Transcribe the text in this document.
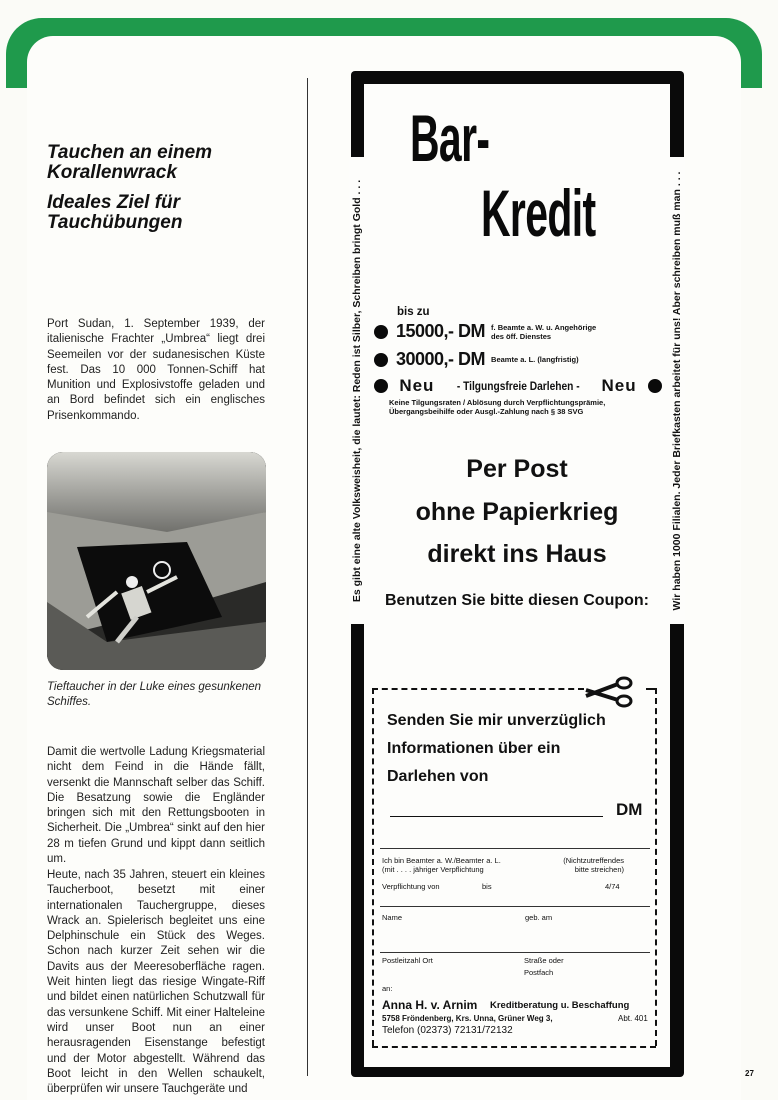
Tauchen an einem Korallenwrack
Ideales Ziel für Tauchübungen

Port Sudan, 1. September 1939, der italienische Frachter „Umbrea“ liegt drei Seemeilen vor der sudanesischen Küste fest. Das 10 000 Tonnen-Schiff hat Munition und Explosivstoffe geladen und an Bord befindet sich ein englisches Prisenkommando.

Tieftaucher in der Luke eines gesunkenen Schiffes.

Damit die wertvolle Ladung Kriegsmaterial nicht dem Feind in die Hände fällt, versenkt die Mannschaft selber das Schiff. Die Besatzung sowie die Engländer bringen sich mit den Rettungsbooten in Sicherheit. Die „Umbrea“ sinkt auf den hier 28 m tiefen Grund und kippt dann seitlich um.

Heute, nach 35 Jahren, steuert ein kleines Taucherboot, besetzt mit einer internationalen Tauchergruppe, dieses Wrack an. Spielerisch begleitet uns eine Delphinschule ein Stück des Weges. Schon nach kurzer Zeit sehen wir die Davits aus der Meeresoberfläche ragen. Weit hinten liegt das riesige Wingate-Riff und bildet einen natürlichen Schutzwall für das versunkene Schiff. Mit einer Halteleine wird unser Boot nun an einer herausragenden Eisenstange befestigt und der Motor abgestellt. Während das Boot leicht in den Wellen schaukelt, überprüfen wir unsere Tauchgeräte und

Es gibt eine alte Volksweisheit, die lautet: Reden ist Silber, Schreiben bringt Gold . . .	Wir haben 1000 Filialen. Jeder Briefkasten arbeitet für uns! Aber schreiben muß man . . .
Bar-
Kredit
bis zu
15000,- DM f. Beamte a. W. u. Angehörige
des öff. Dienstes
30000,- DM Beamte a. L. (langfristig)
Neu - Tilgungsfreie Darlehen - Neu
Keine Tilgungsraten / Ablösung durch Verpflichtungsprämie, Übergangsbeihilfe oder Ausgl.-Zahlung nach § 38 SVG
Per Post
ohne Papierkrieg
direkt ins Haus
Benutzen Sie bitte diesen Coupon:
Senden Sie mir unverzüglich
Informationen über ein
Darlehen von
DM
Ich bin Beamter a. W./Beamter a. L.
(mit . . . . jähriger Verpflichtung
(Nichtzutreffendes
bitte streichen)
Verpflichtung von	bis	4/74
Name	geb. am
Postleitzahl Ort	Straße oder
Postfach
an:
Anna H. v. Arnim Kreditberatung u. Beschaffung
5758 Fröndenberg, Krs. Unna, Grüner Weg 3,	Abt. 401
Telefon (02373) 72131/72132
27
